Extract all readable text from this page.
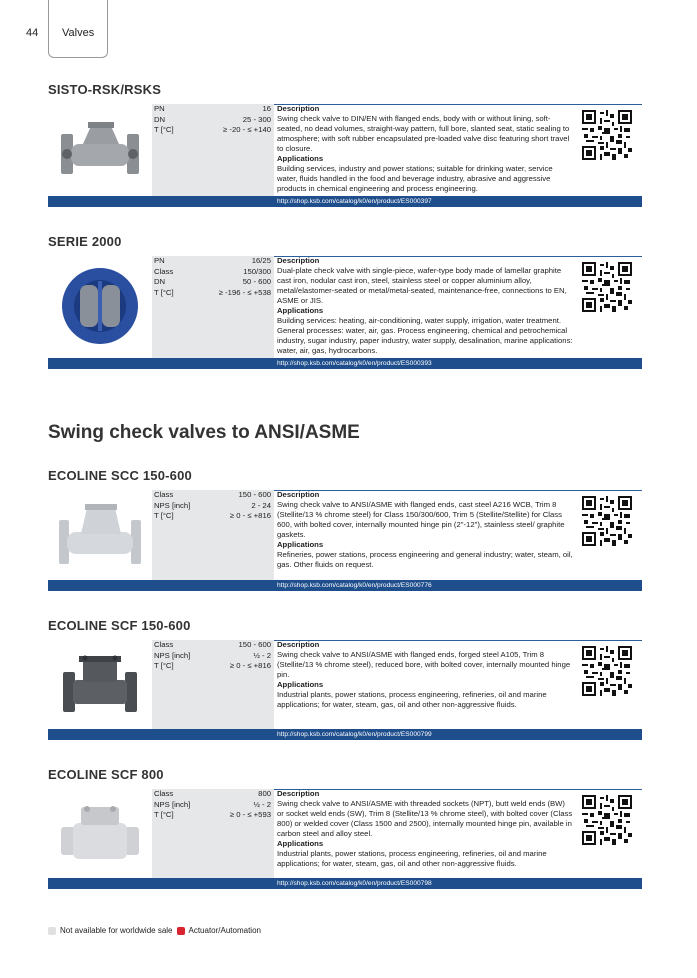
44 Valves
SISTO-RSK/RSKS
PN	16
DN	25 - 300
T [°C]	≥ -20 - ≤ +140
Description
Swing check valve to DIN/EN with flanged ends, body with or without lining, soft-seated, no dead volumes, straight-way pattern, full bore, slanted seat, static sealing to atmosphere; with soft rubber encapsulated pre-loaded valve disc featuring short travel to closure.
Applications
Building services, industry and power stations; suitable for drinking water, service water, fluids handled in the food and beverage industry, abrasive and aggressive products in chemical engineering and process engineering.
http://shop.ksb.com/catalog/k0/en/product/ES000397
SERIE 2000
PN	16/25
Class	150/300
DN	50 - 600
T [°C]	≥ -196 - ≤ +538
Description
Dual-plate check valve with single-piece, wafer-type body made of lamellar graphite cast iron, nodular cast iron, steel, stainless steel or copper aluminium alloy, metal/elastomer-seated or metal/metal-seated, maintenance-free, connections to EN, ASME or JIS.
Applications
Building services: heating, air-conditioning, water supply, irrigation, water treatment. General processes: water, air, gas. Process engineering, chemical and petrochemical industry, sugar industry, paper industry, water supply, desalination, marine applications: water, air, gas, hydrocarbons.
http://shop.ksb.com/catalog/k0/en/product/ES000393
Swing check valves to ANSI/ASME
ECOLINE SCC 150-600
Class	150 - 600
NPS [inch]	2 - 24
T [°C]	≥ 0 - ≤ +816
Description
Swing check valve to ANSI/ASME with flanged ends, cast steel A216 WCB, Trim 8 (Stellite/13 % chrome steel) for Class 150/300/600, Trim 5 (Stellite/Stellite) for Class 600, with bolted cover, internally mounted hinge pin (2"-12"), stainless steel/ graphite gaskets.
Applications
Refineries, power stations, process engineering and general industry; water, steam, oil, gas. Other fluids on request.
http://shop.ksb.com/catalog/k0/en/product/ES000776
ECOLINE SCF 150-600
Class	150 - 600
NPS [inch]	½ - 2
T [°C]	≥ 0 - ≤ +816
Description
Swing check valve to ANSI/ASME with flanged ends, forged steel A105, Trim 8 (Stellite/13 % chrome steel), reduced bore, with bolted cover, internally mounted hinge pin.
Applications
Industrial plants, power stations, process engineering, refineries, oil and marine applications; for water, steam, gas, oil and other non-aggressive fluids.
http://shop.ksb.com/catalog/k0/en/product/ES000799
ECOLINE SCF 800
Class	800
NPS [inch]	½ - 2
T [°C]	≥ 0 - ≤ +593
Description
Swing check valve to ANSI/ASME with threaded sockets (NPT), butt weld ends (BW) or socket weld ends (SW), Trim 8 (Stellite/13 % chrome steel), with bolted cover (Class 800) or welded cover (Class 1500 and 2500), internally mounted hinge pin, available in carbon steel and alloy steel.
Applications
Industrial plants, power stations, process engineering, refineries, oil and marine applications; for water, steam, gas, oil and other non-aggressive fluids.
http://shop.ksb.com/catalog/k0/en/product/ES000798
Not available for worldwide sale Actuator/Automation
